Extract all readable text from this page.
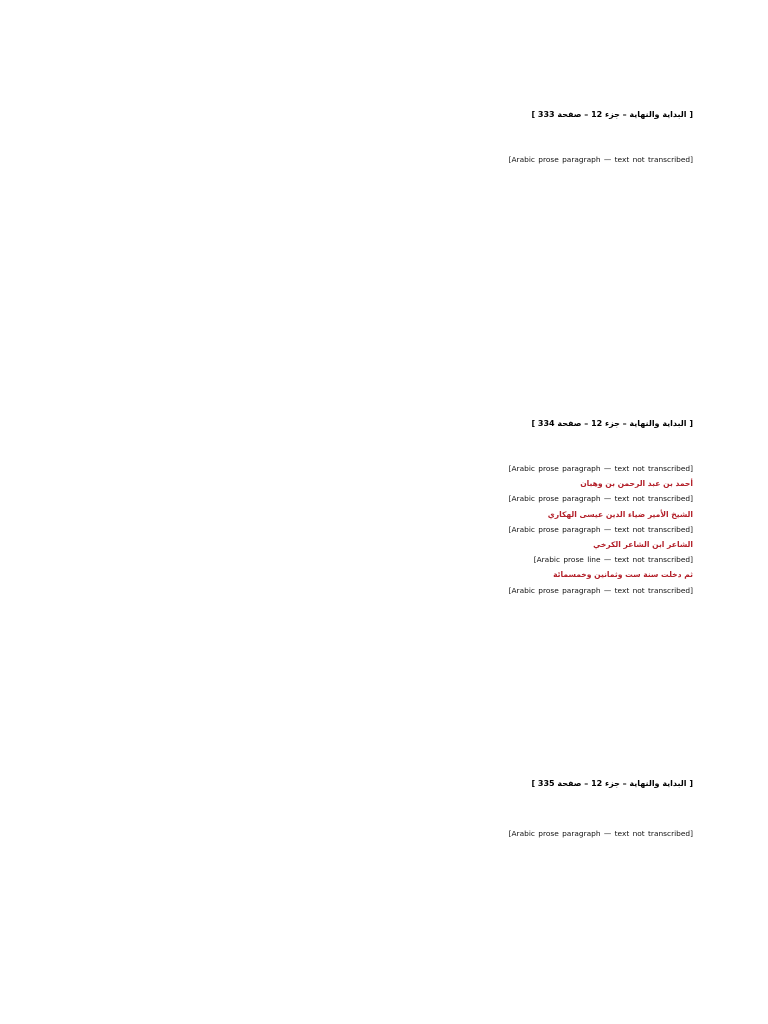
[ البداية والنهاية – جزء 12 – صفحة 333 ]

[Arabic prose paragraph — text not transcribed]

[ البداية والنهاية – جزء 12 – صفحة 334 ]

[Arabic prose paragraph — text not transcribed]

أحمد بن عبد الرحمن بن وهبان

[Arabic prose paragraph — text not transcribed]

الشيخ الأمير ضياء الدين عيسى الهكاري

[Arabic prose paragraph — text not transcribed]

الشاعر ابن الشاعر الكرخي

[Arabic prose line — text not transcribed]

ثم دخلت سنة ست وثمانين وخمسمائة

[Arabic prose paragraph — text not transcribed]

[ البداية والنهاية – جزء 12 – صفحة 335 ]

[Arabic prose paragraph — text not transcribed]
